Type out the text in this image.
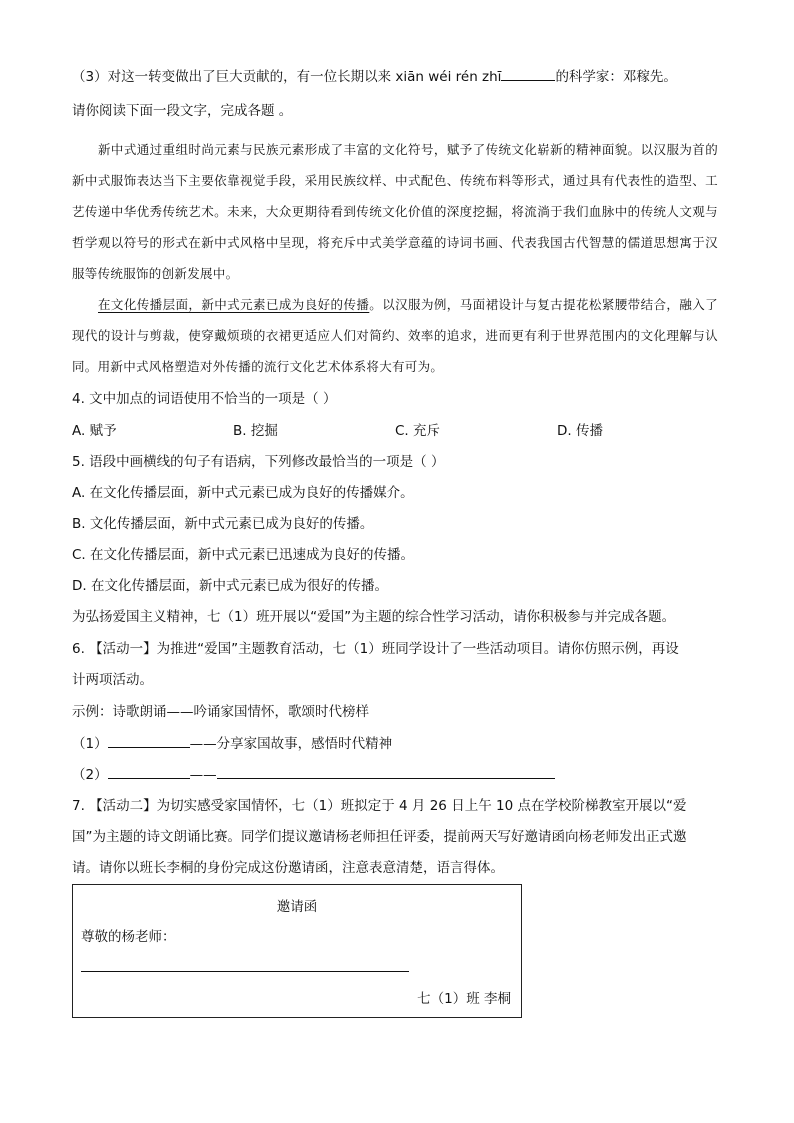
（3）对这一转变做出了巨大贡献的，有一位长期以来 xiān wéi rén zhī	的科学家：邓稼先。
请你阅读下面一段文字，完成各题 。

新中式通过重组时尚元素与民族元素形成了丰富的文化符号，赋予了传统文化崭新的精神面貌。以汉服为首的新中式服饰表达当下主要依靠视觉手段，采用民族纹样、中式配色、传统布料等形式，通过具有代表性的造型、工艺传递中华优秀传统艺术。未来，大众更期待看到传统文化价值的深度挖掘，将流淌于我们血脉中的传统人文观与哲学观以符号的形式在新中式风格中呈现，将充斥中式美学意蕴的诗词书画、代表我国古代智慧的儒道思想寓于汉服等传统服饰的创新发展中。

在文化传播层面，新中式元素已成为良好的传播。以汉服为例，马面裙设计与复古提花松紧腰带结合，融入了现代的设计与剪裁，使穿戴烦琐的衣裙更适应人们对简约、效率的追求，进而更有利于世界范围内的文化理解与认同。用新中式风格塑造对外传播的流行文化艺术体系将大有可为。

4. 文中加点的词语使用不恰当的一项是（ ）
A. 赋予	B. 挖掘	C. 充斥	D. 传播
5. 语段中画横线的句子有语病，下列修改最恰当的一项是（ ）
A. 在文化传播层面，新中式元素已成为良好的传播媒介。
B. 文化传播层面，新中式元素已成为良好的传播。
C. 在文化传播层面，新中式元素已迅速成为良好的传播。
D. 在文化传播层面，新中式元素已成为很好的传播。
为弘扬爱国主义精神，七（1）班开展以“爱国”为主题的综合性学习活动，请你积极参与并完成各题。
6. 【活动一】为推进“爱国”主题教育活动，七（1）班同学设计了一些活动项目。请你仿照示例，再设
计两项活动。
示例：诗歌朗诵——吟诵家国情怀，歌颂时代榜样
（1）	——分享家国故事，感悟时代精神
（2）	——
7. 【活动二】为切实感受家国情怀，七（1）班拟定于 4 月 26 日上午 10 点在学校阶梯教室开展以“爱
国”为主题的诗文朗诵比赛。同学们提议邀请杨老师担任评委，提前两天写好邀请函向杨老师发出正式邀
请。请你以班长李桐的身份完成这份邀请函，注意表意清楚，语言得体。
邀请函
尊敬的杨老师：
七（1）班 李桐
